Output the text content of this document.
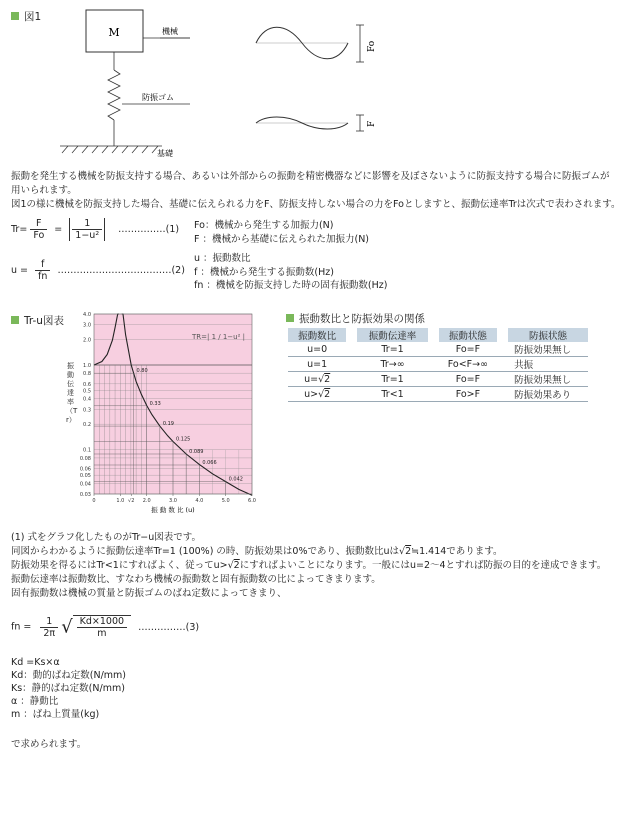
図1
M	機械
防振ゴム
基礎
Fo
F
振動を発生する機械を防振支持する場合、あるいは外部からの振動を精密機器などに影響を及ぼさないように防振支持する場合に防振ゴムが
用いられます。
図1の様に機械を防振支持した場合、基礎に伝えられる力をF、防振支持しない場合の力をFoとしますと、振動伝達率Trは次式で表わされます。
$Tr= \frac{F}{Fo} = \frac{1}{\text{1−u²}}$ ……………(1) Fo：機械から発生する加振力(N)
F ：機械から基礎に伝えられた加振力(N)
$u = \frac{f}{fn}$ ………………………………(2)
u ：振動数比
f ：機械から発生する振動数(Hz)
fn ：機械を防振支持した時の固有振動数(Hz)
Tr-u図表	4.0
3.0
2.0
1.0
0.8
0.6
0.5
0.4
0.3
0.2
0.1
0.08
0.06
0.05
0.04
0.03
0	1.0 √2 2.0	3.0	4.0	5.0	6.0
0.80
0.33
0.19
0.125
0.089
0.066
0.042
TR=| 1 / 1−u² |
振 動 数 比 (u)
振動伝達率（Tr）
振動数比と防振効果の関係
振動数比		振動伝達率		振動状態		防振状態
u=0		Tr=1		Fo=F		防振効果無し
u=1		Tr→∞		Fo<F→∞		共振
u=√2		Tr=1		Fo=F		防振効果無し
u>√2		Tr<1		Fo>F		防振効果あり
(1) 式をグラフ化したものがTr−u図表です。
同図からわかるように振動伝達率Tr=1 (100%) の時、防振効果は0%であり、振動数比uは√2≒1.414であります。
防振効果を得るにはTr<1にすればよく、従ってu>√2にすればよいことになります。一般にはu=2～4とすれば防振の目的を達成できます。
振動伝達率は振動数比、すなわち機械の振動数と固有振動数の比によってきまります。
固有振動数は機械の質量と防振ゴムのばね定数によってきまり、
fn = $\frac{1}{2\pi}$ √ $\frac{Kd\times 1000}{m}$ ……………(3)
Kd =Ks×α
Kd：動的ばね定数(N/mm)
Ks：静的ばね定数(N/mm)
α ：静動比
m ：ばね上質量(kg)
で求められます。
